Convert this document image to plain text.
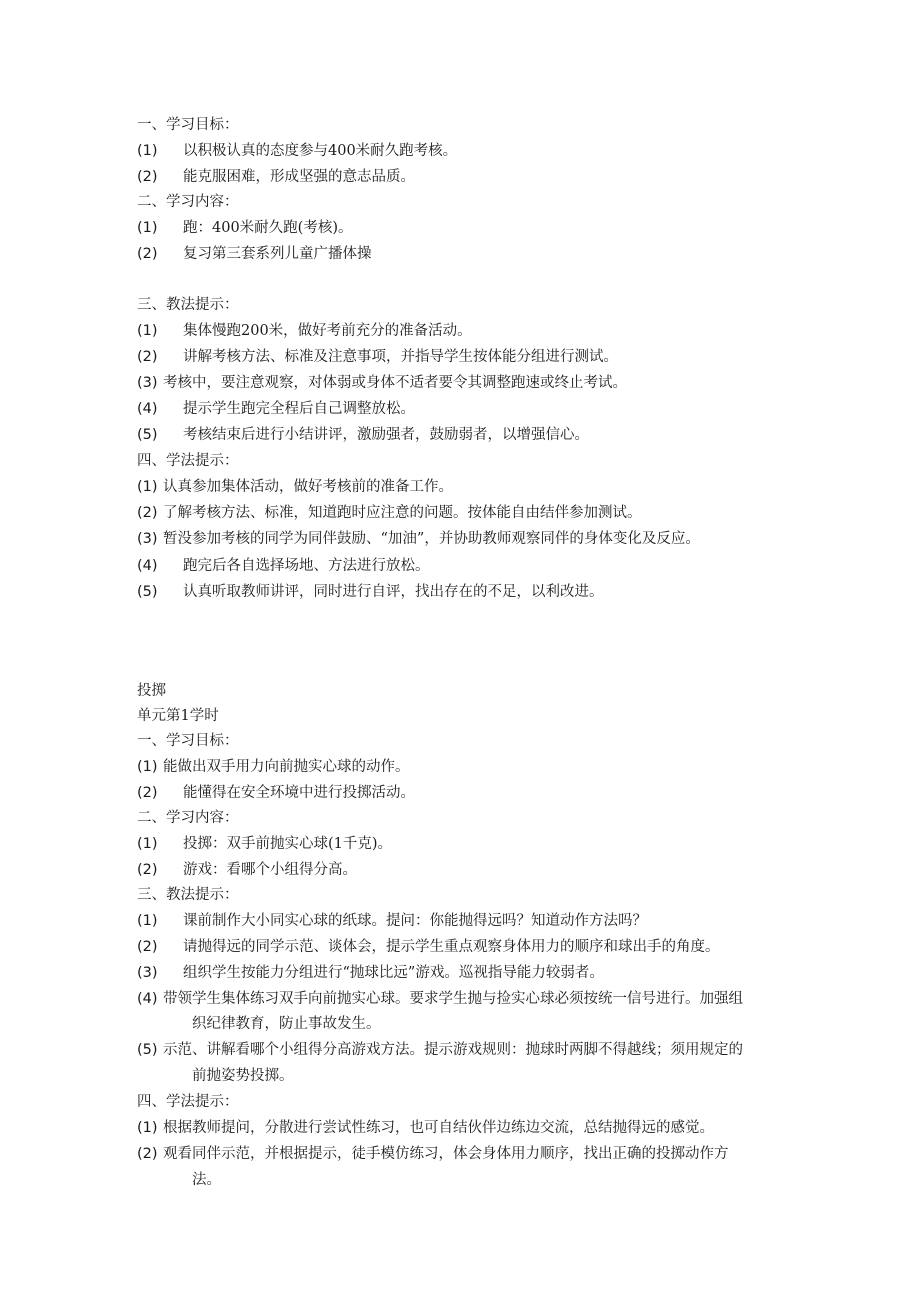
一、学习目标：
(1) 以积极认真的态度参与400米耐久跑考核。
(2) 能克服困难，形成坚强的意志品质。
二、学习内容：
(1) 跑：400米耐久跑(考核)。
(2) 复习第三套系列儿童广播体操
三、教法提示：
(1) 集体慢跑200米，做好考前充分的准备活动。
(2) 讲解考核方法、标准及注意事项，并指导学生按体能分组进行测试。
(3) 考核中，要注意观察，对体弱或身体不适者要令其调整跑速或终止考试。
(4) 提示学生跑完全程后自己调整放松。
(5) 考核结束后进行小结讲评，激励强者，鼓励弱者，以增强信心。
四、学法提示：
(1) 认真参加集体活动，做好考核前的准备工作。
(2) 了解考核方法、标准，知道跑时应注意的问题。按体能自由结伴参加测试。
(3) 暂没参加考核的同学为同伴鼓励、“加油”，并协助教师观察同伴的身体变化及反应。
(4) 跑完后各自选择场地、方法进行放松。
(5) 认真听取教师讲评，同时进行自评，找出存在的不足，以利改进。
投掷
单元第1学时
一、学习目标：
(1) 能做出双手用力向前抛实心球的动作。
(2) 能懂得在安全环境中进行投掷活动。
二、学习内容：
(1) 投掷：双手前抛实心球(1千克)。
(2) 游戏：看哪个小组得分高。
三、教法提示：
(1) 课前制作大小同实心球的纸球。提问：你能抛得远吗？知道动作方法吗？
(2) 请抛得远的同学示范、谈体会，提示学生重点观察身体用力的顺序和球出手的角度。
(3) 组织学生按能力分组进行“抛球比远”游戏。巡视指导能力较弱者。
(4) 带领学生集体练习双手向前抛实心球。要求学生抛与捡实心球必须按统一信号进行。加强组
织纪律教育，防止事故发生。
(5) 示范、讲解看哪个小组得分高游戏方法。提示游戏规则：抛球时两脚不得越线；须用规定的
前抛姿势投掷。
四、学法提示：
(1) 根据教师提问，分散进行尝试性练习，也可自结伙伴边练边交流，总结抛得远的感觉。
(2) 观看同伴示范，并根据提示，徒手模仿练习，体会身体用力顺序，找出正确的投掷动作方
法。
